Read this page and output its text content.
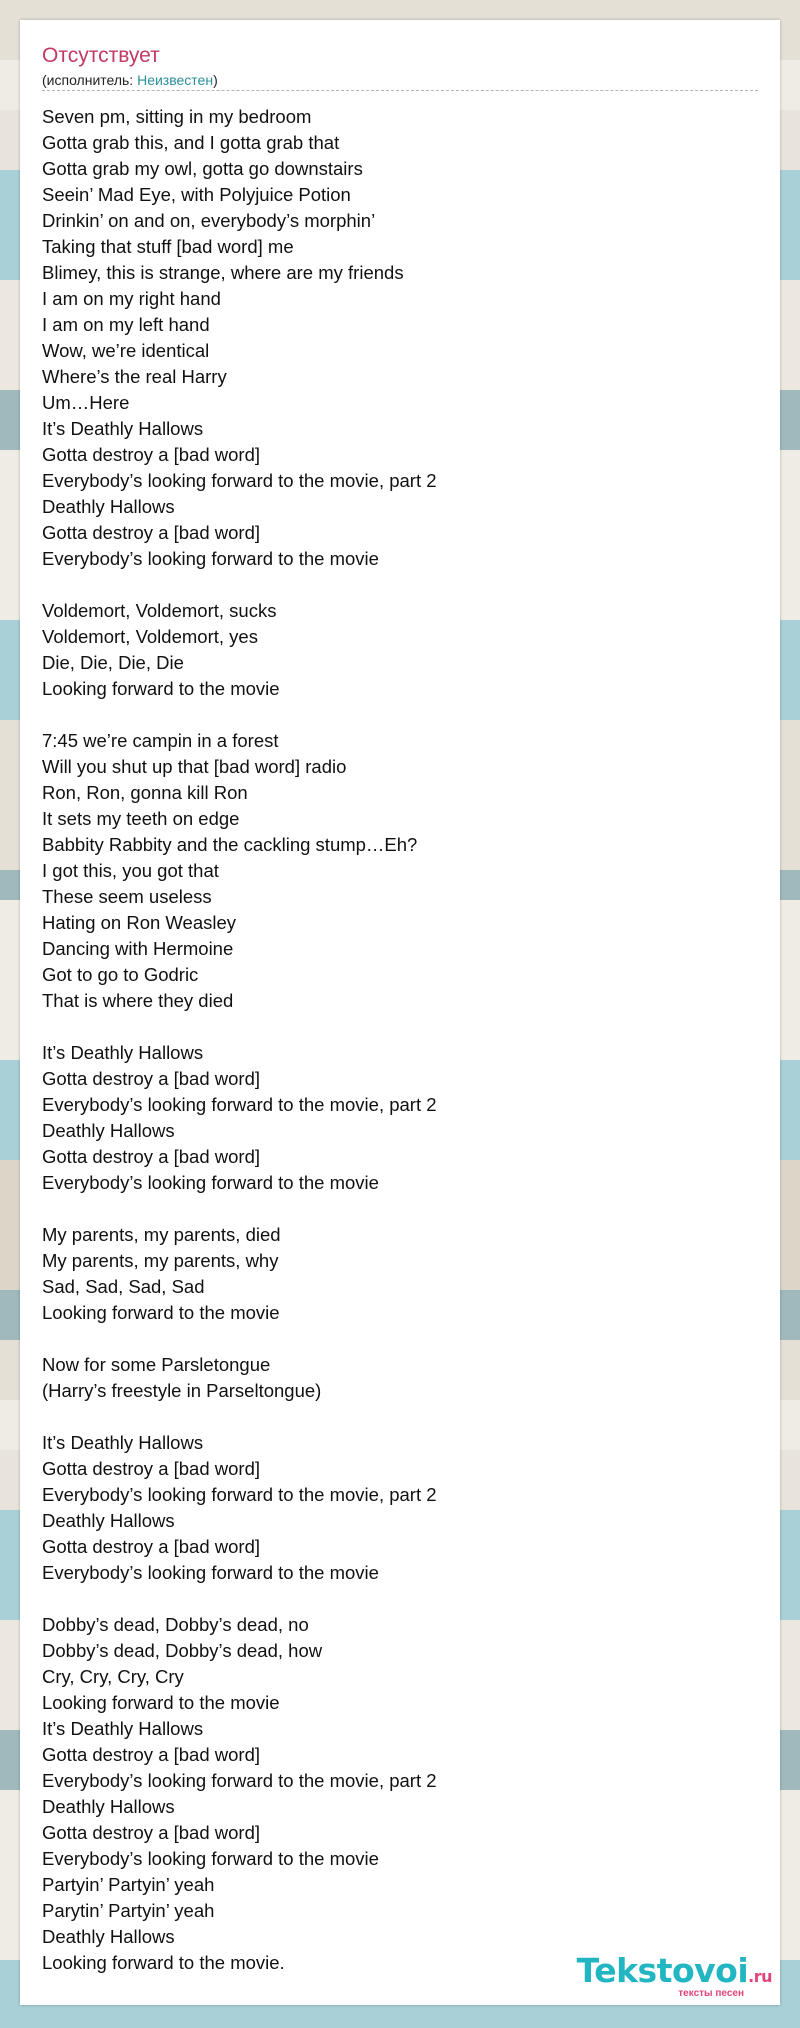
Отсутствует
(исполнитель: Неизвестен)
Seven pm, sitting in my bedroom
Gotta grab this, and I gotta grab that
Gotta grab my owl, gotta go downstairs
Seein’ Mad Eye, with Polyjuice Potion
Drinkin’ on and on, everybody’s morphin’
Taking that stuff [bad word] me
Blimey, this is strange, where are my friends
I am on my right hand
I am on my left hand
Wow, we’re identical
Where’s the real Harry
Um…Here
It’s Deathly Hallows
Gotta destroy a [bad word]
Everybody’s looking forward to the movie, part 2
Deathly Hallows
Gotta destroy a [bad word]
Everybody’s looking forward to the movie
Voldemort, Voldemort, sucks
Voldemort, Voldemort, yes
Die, Die, Die, Die
Looking forward to the movie
7:45 we’re campin in a forest
Will you shut up that [bad word] radio
Ron, Ron, gonna kill Ron
It sets my teeth on edge
Babbity Rabbity and the cackling stump…Eh?
I got this, you got that
These seem useless
Hating on Ron Weasley
Dancing with Hermoine
Got to go to Godric
That is where they died
It’s Deathly Hallows
Gotta destroy a [bad word]
Everybody’s looking forward to the movie, part 2
Deathly Hallows
Gotta destroy a [bad word]
Everybody’s looking forward to the movie
My parents, my parents, died
My parents, my parents, why
Sad, Sad, Sad, Sad
Looking forward to the movie
Now for some Parsletongue
(Harry’s freestyle in Parseltongue)
It’s Deathly Hallows
Gotta destroy a [bad word]
Everybody’s looking forward to the movie, part 2
Deathly Hallows
Gotta destroy a [bad word]
Everybody’s looking forward to the movie
Dobby’s dead, Dobby’s dead, no
Dobby’s dead, Dobby’s dead, how
Cry, Cry, Cry, Cry
Looking forward to the movie
It’s Deathly Hallows
Gotta destroy a [bad word]
Everybody’s looking forward to the movie, part 2
Deathly Hallows
Gotta destroy a [bad word]
Everybody’s looking forward to the movie
Partyin’ Partyin’ yeah
Parytin’ Partyin’ yeah
Deathly Hallows
Looking forward to the movie.	Tekstovoi.ru
тексты песен
